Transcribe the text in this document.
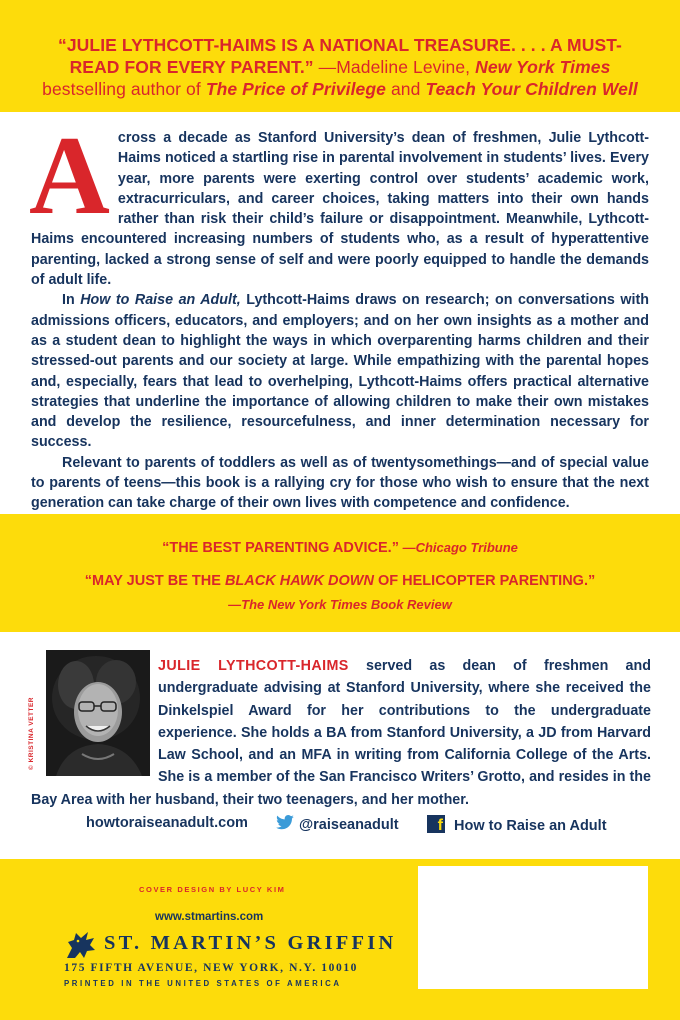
“JULIE LYTHCOTT-HAIMS IS A NATIONAL TREASURE. . . . A MUST-READ FOR EVERY PARENT.” —Madeline Levine, New York Times bestselling author of The Price of Privilege and Teach Your Children Well
A cross a decade as Stanford University’s dean of freshmen, Julie Lythcott-Haims noticed a startling rise in parental involvement in students’ lives. Every year, more parents were exerting control over students’ academic work, extracurriculars, and career choices, taking matters into their own hands rather than risk their child’s failure or disappointment. Meanwhile, Lythcott-Haims encountered increasing numbers of students who, as a result of hyperattentive parenting, lacked a strong sense of self and were poorly equipped to handle the demands of adult life.

In How to Raise an Adult, Lythcott-Haims draws on research; on conversations with admissions officers, educators, and employers; and on her own insights as a mother and as a student dean to highlight the ways in which overparenting harms children and their stressed-out parents and our society at large. While empathizing with the parental hopes and, especially, fears that lead to overhelping, Lythcott-Haims offers practical alternative strategies that underline the importance of allowing children to make their own mistakes and develop the resilience, resourcefulness, and inner determination necessary for success.

Relevant to parents of toddlers as well as of twentysomethings—and of special value to parents of teens—this book is a rallying cry for those who wish to ensure that the next generation can take charge of their own lives with competence and confidence.

“THE BEST PARENTING ADVICE.” —Chicago Tribune
“MAY JUST BE THE BLACK HAWK DOWN OF HELICOPTER PARENTING.”
—The New York Times Book Review
© KRISTINA VETTER
JULIE LYTHCOTT-HAIMS served as dean of freshmen and undergraduate advising at Stanford University, where she received the Dinkelspiel Award for her contributions to the undergraduate experience. She holds a BA from Stanford University, a JD from Harvard Law School, and an MFA in writing from California College of the Arts. She is a member of the San Francisco Writers’ Grotto, and resides in the Bay Area with her husband, their two teenagers, and her mother.
howtoraiseanadult.com	@raiseanadult	f How to Raise an Adult
COVER DESIGN BY LUCY KIM
www.stmartins.com
ST. MARTIN’S GRIFFIN
175 FIFTH AVENUE, NEW YORK, N.Y. 10010
PRINTED IN THE UNITED STATES OF AMERICA
